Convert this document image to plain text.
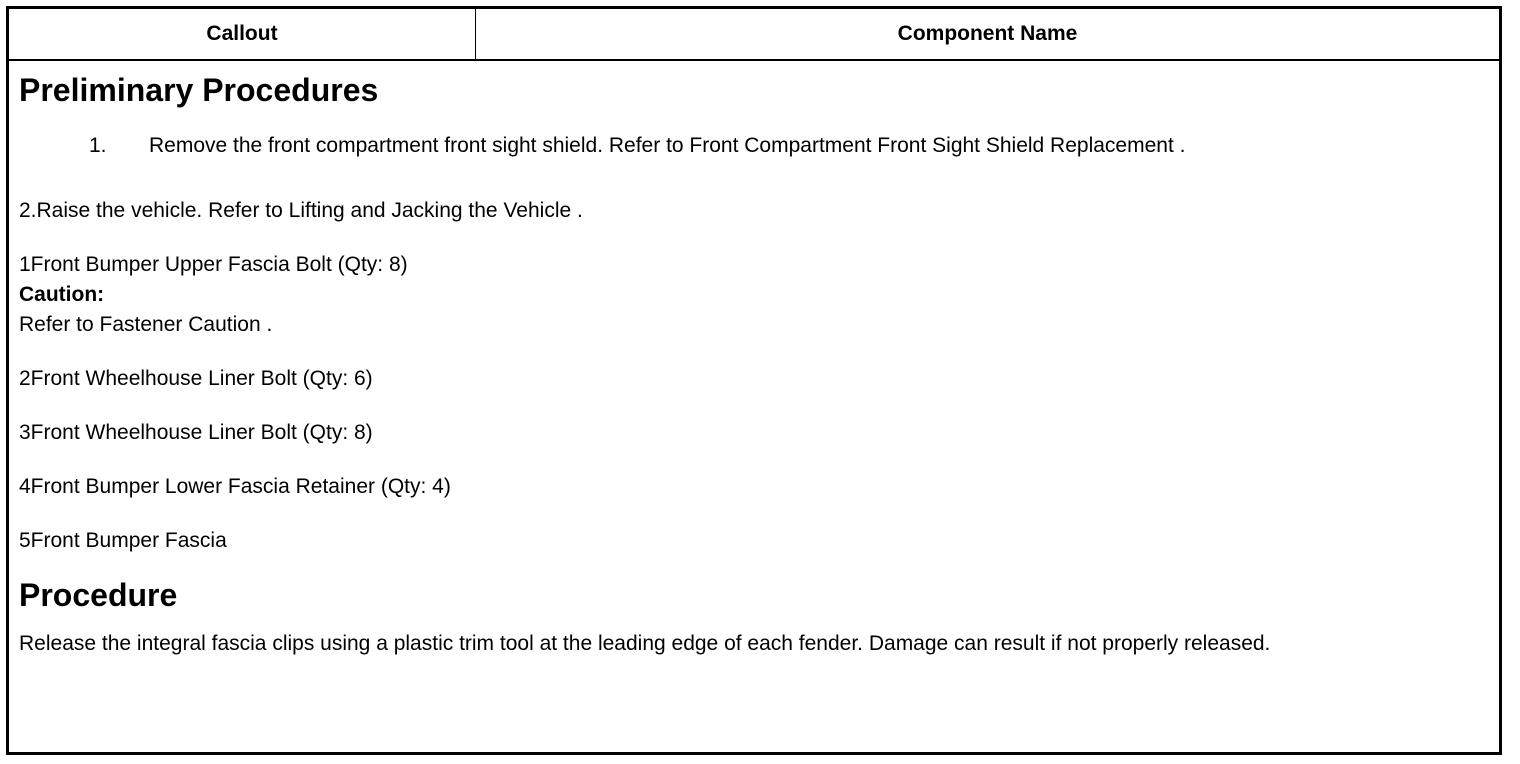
Callout	Component Name
Preliminary Procedures
1.	Remove the front compartment front sight shield. Refer to Front Compartment Front Sight Shield Replacement .

2.Raise the vehicle. Refer to Lifting and Jacking the Vehicle .

1Front Bumper Upper Fascia Bolt (Qty: 8)

Caution:
Refer to Fastener Caution .

2Front Wheelhouse Liner Bolt (Qty: 6)

3Front Wheelhouse Liner Bolt (Qty: 8)

4Front Bumper Lower Fascia Retainer (Qty: 4)

5Front Bumper Fascia

Procedure

Release the integral fascia clips using a plastic trim tool at the leading edge of each fender. Damage can result if not properly released.
